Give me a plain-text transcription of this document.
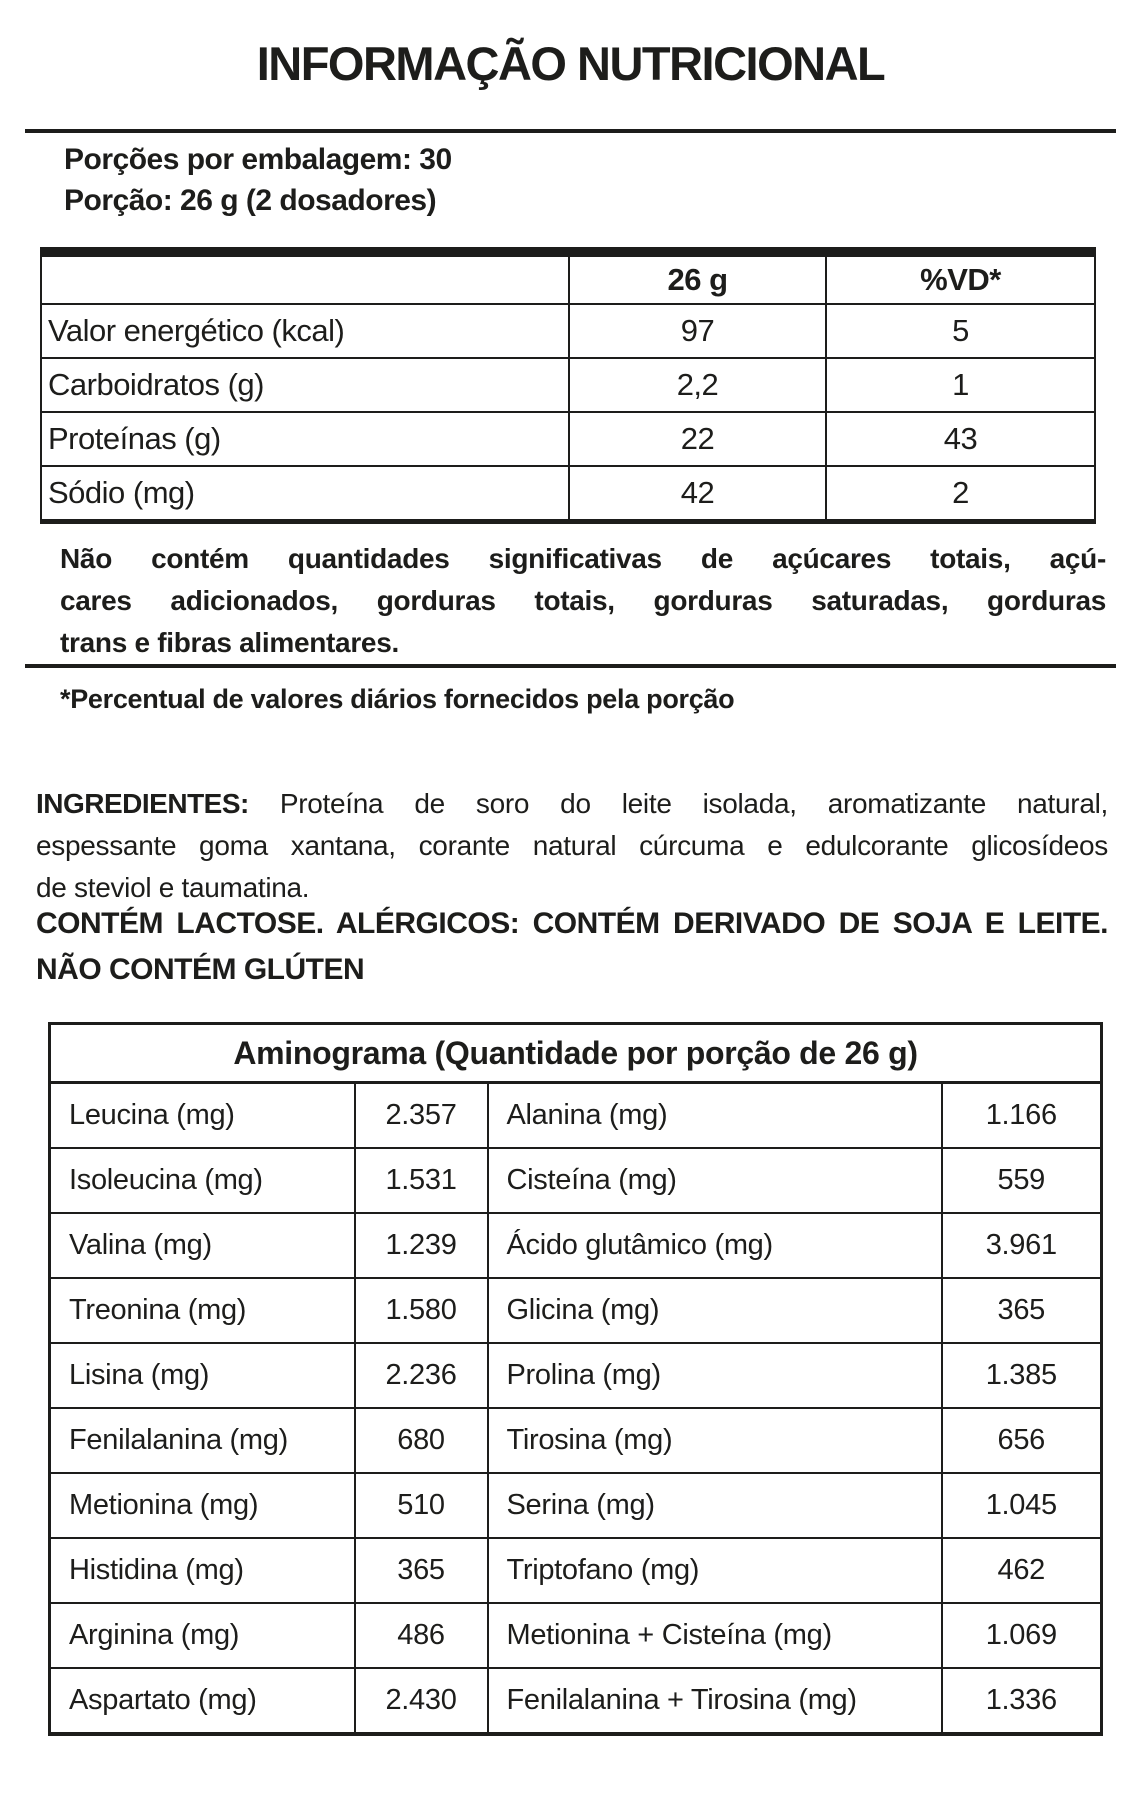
INFORMAÇÃO NUTRICIONAL
Porções por embalagem: 30
Porção: 26 g (2 dosadores)
	26 g	%VD*
Valor energético (kcal)	97	5
Carboidratos (g)	2,2	1
Proteínas (g)	22	43
Sódio (mg)	42	2
Não contém quantidades significativas de açúcares totais, açú-
cares adicionados, gorduras totais, gorduras saturadas, gorduras
trans e fibras alimentares.
*Percentual de valores diários fornecidos pela porção
INGREDIENTES: Proteína de soro do leite isolada, aromatizante natural,
espessante goma xantana, corante natural cúrcuma e edulcorante glicosídeos
de steviol e taumatina.
CONTÉM LACTOSE. ALÉRGICOS: CONTÉM DERIVADO DE SOJA E LEITE.
NÃO CONTÉM GLÚTEN
Aminograma (Quantidade por porção de 26 g)			
Leucina (mg)	2.357	Alanina (mg)	1.166
Isoleucina (mg)	1.531	Cisteína (mg)	559
Valina (mg)	1.239	Ácido glutâmico (mg)	3.961
Treonina (mg)	1.580	Glicina (mg)	365
Lisina (mg)	2.236	Prolina (mg)	1.385
Fenilalanina (mg)	680	Tirosina (mg)	656
Metionina (mg)	510	Serina (mg)	1.045
Histidina (mg)	365	Triptofano (mg)	462
Arginina (mg)	486	Metionina + Cisteína (mg)	1.069
Aspartato (mg)	2.430	Fenilalanina + Tirosina (mg)	1.336
